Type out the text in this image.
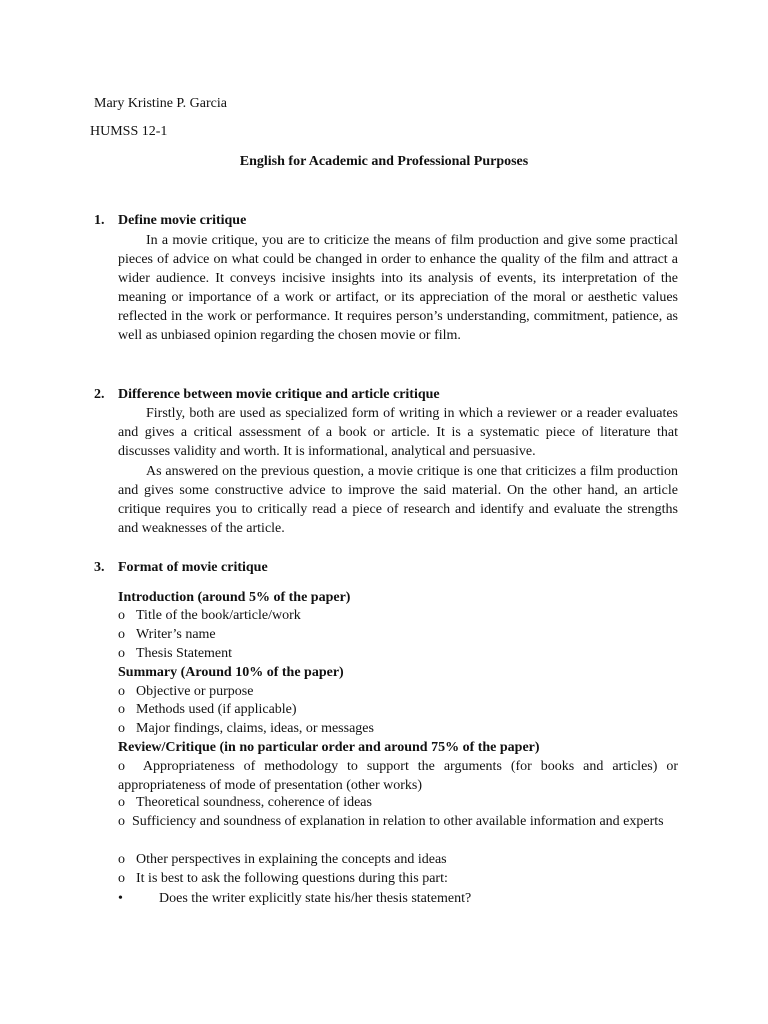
Mary Kristine P. Garcia
HUMSS 12-1
English for Academic and Professional Purposes
1. Define movie critique

In a movie critique, you are to criticize the means of film production and give some practical pieces of advice on what could be changed in order to enhance the quality of the film and attract a wider audience. It conveys incisive insights into its analysis of events, its interpretation of the meaning or importance of a work or artifact, or its appreciation of the moral or aesthetic values reflected in the work or performance. It requires person’s understanding, commitment, patience, as well as unbiased opinion regarding the chosen movie or film.

2. Difference between movie critique and article critique

Firstly, both are used as specialized form of writing in which a reviewer or a reader evaluates and gives a critical assessment of a book or article. It is a systematic piece of literature that discusses validity and worth. It is informational, analytical and persuasive.

As answered on the previous question, a movie critique is one that criticizes a film production and gives some constructive advice to improve the said material. On the other hand, an article critique requires you to critically read a piece of research and identify and evaluate the strengths and weaknesses of the article.

3. Format of movie critique
Introduction (around 5% of the paper)
o Title of the book/article/work
o Writer’s name
o Thesis Statement
Summary (Around 10% of the paper)
o Objective or purpose
o Methods used (if applicable)
o Major findings, claims, ideas, or messages
Review/Critique (in no particular order and around 75% of the paper)

o Appropriateness of methodology to support the arguments (for books and articles) or appropriateness of mode of presentation (other works)

o Theoretical soundness, coherence of ideas

o Sufficiency and soundness of explanation in relation to other available information and experts

o Other perspectives in explaining the concepts and ideas
o It is best to ask the following questions during this part:
•	Does the writer explicitly state his/her thesis statement?
